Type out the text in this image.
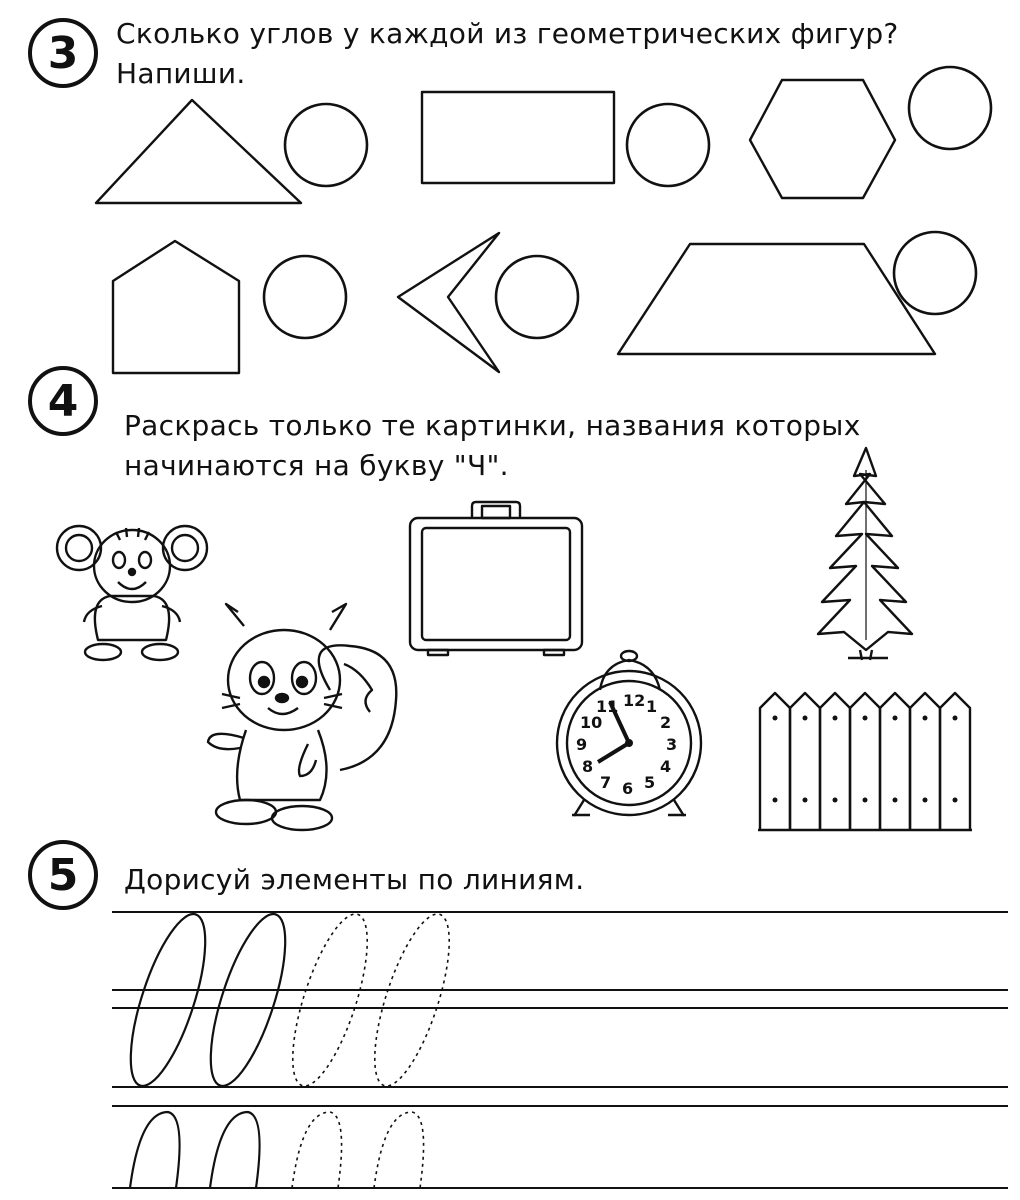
3	Сколько углов у каждой из геометрических фигур?
Напиши.
12 1
2
3
4
5
6
7
8
9
10
11
4	Раскрась только те картинки, названия которых
начинаются на букву "Ч".
5	Дорисуй элементы по линиям.
